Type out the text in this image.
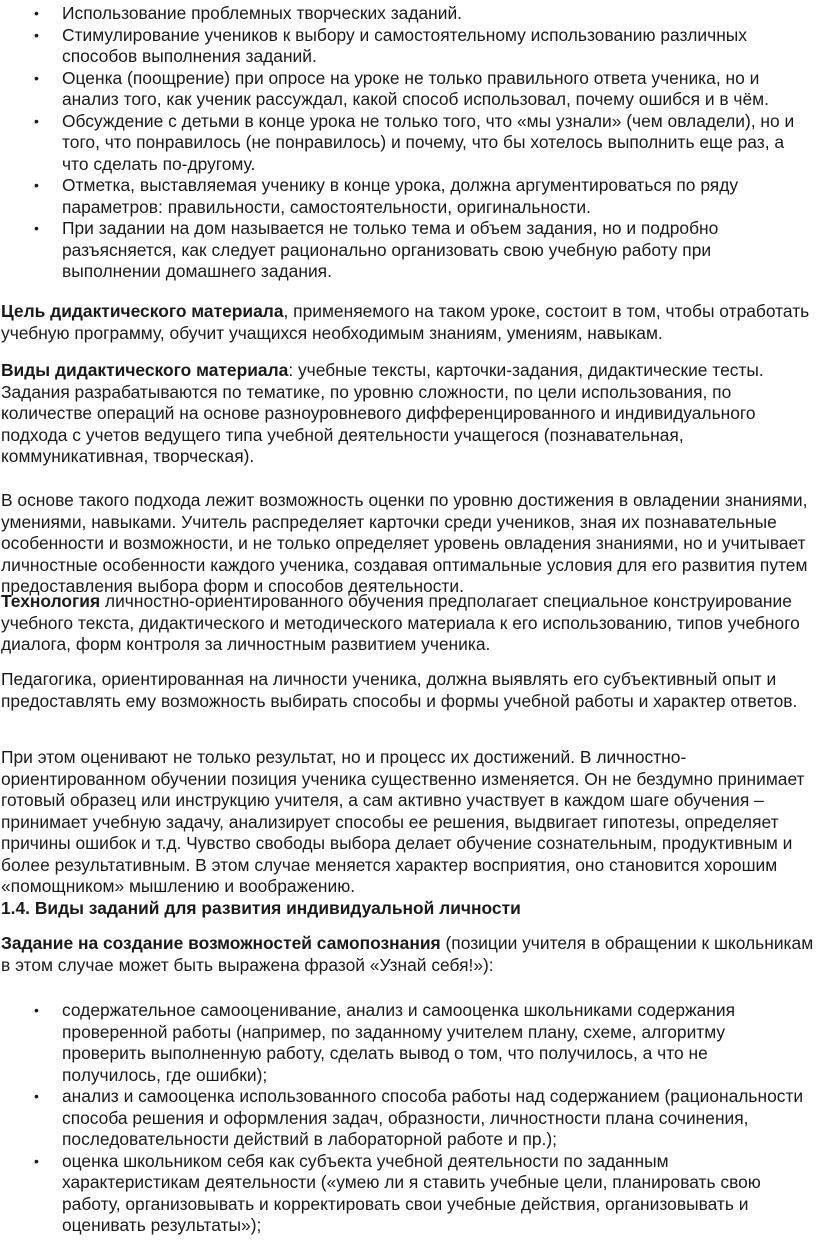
• Использование проблемных творческих заданий.
• Стимулирование учеников к выбору и самостоятельному использованию различных способов выполнения заданий.
• Оценка (поощрение) при опросе на уроке не только правильного ответа ученика, но и анализ того, как ученик рассуждал, какой способ использовал, почему ошибся и в чём.
• Обсуждение с детьми в конце урока не только того, что «мы узнали» (чем овладели), но и того, что понравилось (не понравилось) и почему, что бы хотелось выполнить еще раз, а что сделать по-другому.
• Отметка, выставляемая ученику в конце урока, должна аргументироваться по ряду параметров: правильности, самостоятельности, оригинальности.
• При задании на дом называется не только тема и объем задания, но и подробно разъясняется, как следует рационально организовать свою учебную работу при выполнении домашнего задания.

Цель дидактического материала, применяемого на таком уроке, состоит в том, чтобы отработать учебную программу, обучит учащихся необходимым знаниям, умениям, навыкам.

Виды дидактического материала: учебные тексты, карточки-задания, дидактические тесты. Задания разрабатываются по тематике, по уровню сложности, по цели использования, по количестве операций на основе разноуровневого дифференцированного и индивидуального подхода с учетов ведущего типа учебной деятельности учащегося (познавательная, коммуникативная, творческая).

В основе такого подхода лежит возможность оценки по уровню достижения в овладении знаниями, умениями, навыками. Учитель распределяет карточки среди учеников, зная их познавательные особенности и возможности, и не только определяет уровень овладения знаниями, но и учитывает личностные особенности каждого ученика, создавая оптимальные условия для его развития путем предоставления выбора форм и способов деятельности.

Технология личностно-ориентированного обучения предполагает специальное конструирование учебного текста, дидактического и методического материала к его использованию, типов учебного диалога, форм контроля за личностным развитием ученика.

Педагогика, ориентированная на личности ученика, должна выявлять его субъективный опыт и предоставлять ему возможность выбирать способы и формы учебной работы и характер ответов.

При этом оценивают не только результат, но и процесс их достижений. В личностно-ориентированном обучении позиция ученика существенно изменяется. Он не бездумно принимает готовый образец или инструкцию учителя, а сам активно участвует в каждом шаге обучения – принимает учебную задачу, анализирует способы ее решения, выдвигает гипотезы, определяет причины ошибок и т.д. Чувство свободы выбора делает обучение сознательным, продуктивным и более результативным. В этом случае меняется характер восприятия, оно становится хорошим «помощником» мышлению и воображению.

1.4. Виды заданий для развития индивидуальной личности

Задание на создание возможностей самопознания (позиции учителя в обращении к школьникам в этом случае может быть выражена фразой «Узнай себя!»):

• содержательное самооценивание, анализ и самооценка школьниками содержания проверенной работы (например, по заданному учителем плану, схеме, алгоритму проверить выполненную работу, сделать вывод о том, что получилось, а что не получилось, где ошибки);
• анализ и самооценка использованного способа работы над содержанием (рациональности способа решения и оформления задач, образности, личностности плана сочинения, последовательности действий в лабораторной работе и пр.);
• оценка школьником себя как субъекта учебной деятельности по заданным характеристикам деятельности («умею ли я ставить учебные цели, планировать свою работу, организовывать и корректировать свои учебные действия, организовывать и оценивать результаты»);
